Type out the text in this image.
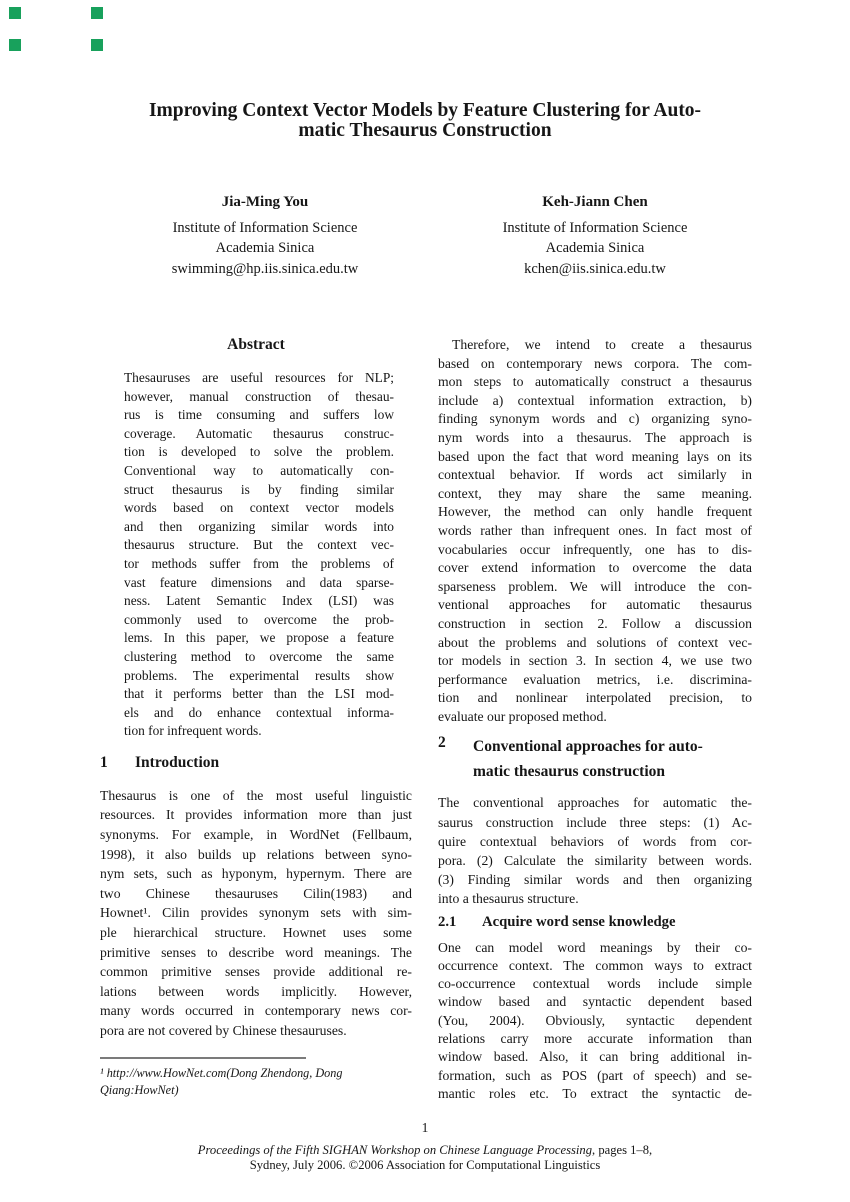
Improving Context Vector Models by Feature Clustering for Auto-
matic Thesaurus Construction
Jia-Ming You
Institute of Information Science
Academia Sinica
swimming@hp.iis.sinica.edu.tw
Keh-Jiann Chen
Institute of Information Science
Academia Sinica
kchen@iis.sinica.edu.tw
Abstract
Thesauruses are useful resources for NLP;
however, manual construction of thesau-
rus is time consuming and suffers low
coverage. Automatic thesaurus construc-
tion is developed to solve the problem.
Conventional way to automatically con-
struct thesaurus is by finding similar
words based on context vector models
and then organizing similar words into
thesaurus structure. But the context vec-
tor methods suffer from the problems of
vast feature dimensions and data sparse-
ness. Latent Semantic Index (LSI) was
commonly used to overcome the prob-
lems. In this paper, we propose a feature
clustering method to overcome the same
problems. The experimental results show
that it performs better than the LSI mod-
els and do enhance contextual informa-
tion for infrequent words.
1	Introduction
Thesaurus is one of the most useful linguistic
resources. It provides information more than just
synonyms. For example, in WordNet (Fellbaum,
1998), it also builds up relations between syno-
nym sets, such as hyponym, hypernym. There are
two Chinese thesauruses Cilin(1983) and
Hownet¹. Cilin provides synonym sets with sim-
ple hierarchical structure. Hownet uses some
primitive senses to describe word meanings. The
common primitive senses provide additional re-
lations between words implicitly. However,
many words occurred in contemporary news cor-
pora are not covered by Chinese thesauruses.
¹ http://www.HowNet.com(Dong Zhendong, Dong
Qiang:HowNet)
Therefore, we intend to create a thesaurus
based on contemporary news corpora. The com-
mon steps to automatically construct a thesaurus
include a) contextual information extraction, b)
finding synonym words and c) organizing syno-
nym words into a thesaurus. The approach is
based upon the fact that word meaning lays on its
contextual behavior. If words act similarly in
context, they may share the same meaning.
However, the method can only handle frequent
words rather than infrequent ones. In fact most of
vocabularies occur infrequently, one has to dis-
cover extend information to overcome the data
sparseness problem. We will introduce the con-
ventional approaches for automatic thesaurus
construction in section 2. Follow a discussion
about the problems and solutions of context vec-
tor models in section 3. In section 4, we use two
performance evaluation metrics, i.e. discrimina-
tion and nonlinear interpolated precision, to
evaluate our proposed method.
2	Conventional approaches for auto-
matic thesaurus construction
The conventional approaches for automatic the-
saurus construction include three steps: (1) Ac-
quire contextual behaviors of words from cor-
pora. (2) Calculate the similarity between words.
(3) Finding similar words and then organizing
into a thesaurus structure.
2.1	Acquire word sense knowledge
One can model word meanings by their co-
occurrence context. The common ways to extract
co-occurrence contextual words include simple
window based and syntactic dependent based
(You, 2004). Obviously, syntactic dependent
relations carry more accurate information than
window based. Also, it can bring additional in-
formation, such as POS (part of speech) and se-
mantic roles etc. To extract the syntactic de-
1
Proceedings of the Fifth SIGHAN Workshop on Chinese Language Processing, pages 1–8,
Sydney, July 2006. ©2006 Association for Computational Linguistics
